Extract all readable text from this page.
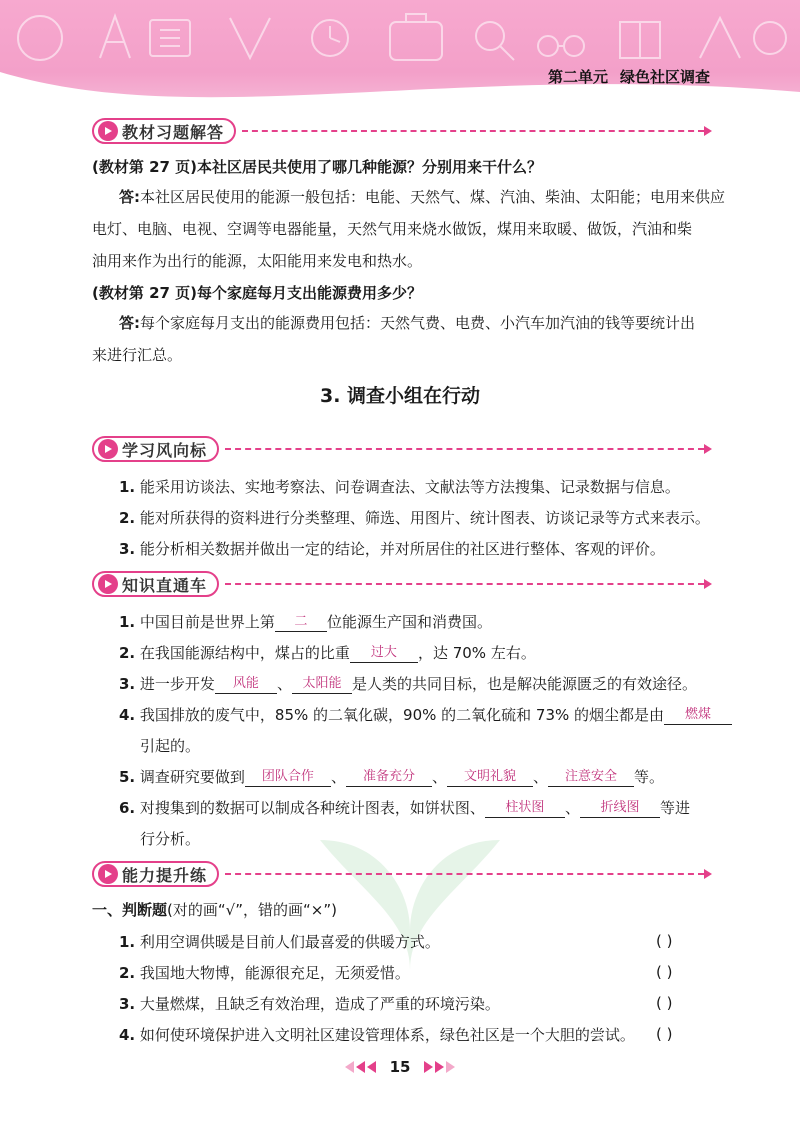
第二单元 绿色社区调查
教材习题解答
(教材第 27 页)本社区居民共使用了哪几种能源？分别用来干什么？
答:本社区居民使用的能源一般包括：电能、天然气、煤、汽油、柴油、太阳能；电用来供应
电灯、电脑、电视、空调等电器能量，天然气用来烧水做饭，煤用来取暖、做饭，汽油和柴
油用来作为出行的能源，太阳能用来发电和热水。
(教材第 27 页)每个家庭每月支出能源费用多少？
答:每个家庭每月支出的能源费用包括：天然气费、电费、小汽车加汽油的钱等要统计出
来进行汇总。
3. 调查小组在行动
学习风向标
1. 能采用访谈法、实地考察法、问卷调查法、文献法等方法搜集、记录数据与信息。
2. 能对所获得的资料进行分类整理、筛选、用图片、统计图表、访谈记录等方式来表示。
3. 能分析相关数据并做出一定的结论，并对所居住的社区进行整体、客观的评价。
知识直通车
1. 中国目前是世界上第 二 位能源生产国和消费国。
2. 在我国能源结构中，煤占的比重 过大 ，达 70% 左右。
3. 进一步开发 风能 、 太阳能 是人类的共同目标，也是解决能源匮乏的有效途径。
4. 我国排放的废气中，85% 的二氧化碳，90% 的二氧化硫和 73% 的烟尘都是由 燃煤
引起的。
5. 调查研究要做到 团队合作 、 准备充分 、 文明礼貌 、 注意安全 等。
6. 对搜集到的数据可以制成各种统计图表，如饼状图、 柱状图 、 折线图 等进
行分析。
能力提升练
一、判断题(对的画“√”，错的画“×”)
1. 利用空调供暖是目前人们最喜爱的供暖方式。	( )
2. 我国地大物博，能源很充足，无须爱惜。	( )
3. 大量燃煤，且缺乏有效治理，造成了严重的环境污染。	( )
4. 如何使环境保护进入文明社区建设管理体系，绿色社区是一个大胆的尝试。 ( )
15
